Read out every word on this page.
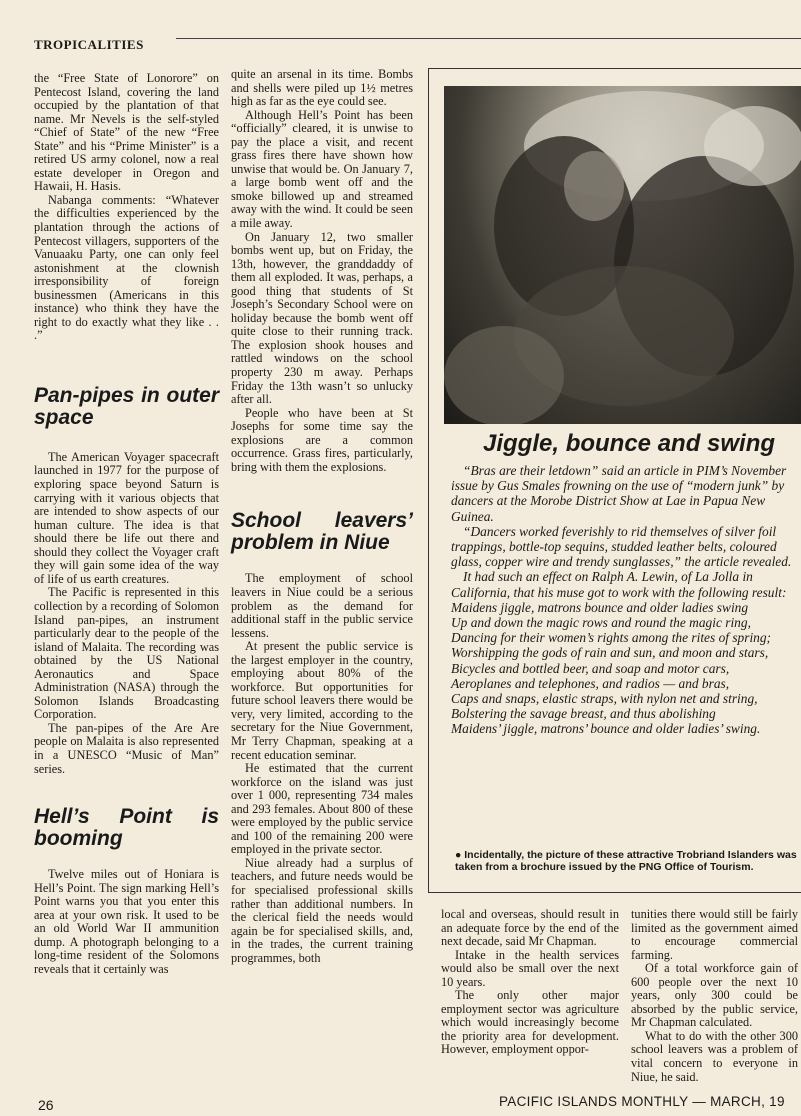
TROPICALITIES

the “Free State of Lonorore” on Pentecost Island, covering the land occupied by the plantation of that name. Mr Nevels is the self-styled “Chief of State” of the new “Free State” and his “Prime Minister” is a retired US army colonel, now a real estate developer in Oregon and Hawaii, H. Hasis.

Nabanga comments: “Whatever the difficulties experienced by the plantation through the actions of Pentecost villagers, supporters of the Vanuaaku Party, one can only feel astonishment at the clownish irresponsibility of foreign businessmen (Americans in this instance) who think they have the right to do exactly what they like . . .”

Pan-pipes in outer space

The American Voyager spacecraft launched in 1977 for the purpose of exploring space beyond Saturn is carrying with it various objects that are intended to show aspects of our human culture. The idea is that should there be life out there and should they collect the Voyager craft they will gain some idea of the way of life of us earth creatures.

The Pacific is represented in this collection by a recording of Solomon Island pan-pipes, an instrument particularly dear to the people of the island of Malaita. The recording was obtained by the US National Aeronautics and Space Administration (NASA) through the Solomon Islands Broadcasting Corporation.

The pan-pipes of the Are Are people on Malaita is also represented in a UNESCO “Music of Man” series.

Hell’s Point is booming

Twelve miles out of Honiara is Hell’s Point. The sign marking Hell’s Point warns you that you enter this area at your own risk. It used to be an old World War II ammunition dump. A photograph belonging to a long-time resident of the Solomons reveals that it certainly was

quite an arsenal in its time. Bombs and shells were piled up 1½ metres high as far as the eye could see.

Although Hell’s Point has been “officially” cleared, it is unwise to pay the place a visit, and recent grass fires there have shown how unwise that would be. On January 7, a large bomb went off and the smoke billowed up and streamed away with the wind. It could be seen a mile away.

On January 12, two smaller bombs went up, but on Friday, the 13th, however, the granddaddy of them all exploded. It was, perhaps, a good thing that students of St Joseph’s Secondary School were on holiday because the bomb went off quite close to their running track. The explosion shook houses and rattled windows on the school property 230 m away. Perhaps Friday the 13th wasn’t so unlucky after all.

People who have been at St Josephs for some time say the explosions are a common occurrence. Grass fires, particularly, bring with them the explosions.

School leavers’ problem in Niue

The employment of school leavers in Niue could be a serious problem as the demand for additional staff in the public service lessens.

At present the public service is the largest employer in the country, employing about 80% of the workforce. But opportunities for future school leavers there would be very, very limited, according to the secretary for the Niue Government, Mr Terry Chapman, speaking at a recent education seminar.

He estimated that the current workforce on the island was just over 1 000, representing 734 males and 293 females. About 800 of these were employed by the public service and 100 of the remaining 200 were employed in the private sector.

Niue already had a surplus of teachers, and future needs would be for specialised professional skills rather than additional numbers. In the clerical field the needs would again be for specialised skills, and, in the trades, the current training programmes, both

Jiggle, bounce and swing

“Bras are their letdown” said an article in PIM’s November issue by Gus Smales frowning on the use of “modern junk” by dancers at the Morobe District Show at Lae in Papua New Guinea.

“Dancers worked feverishly to rid themselves of silver foil trappings, bottle-top sequins, studded leather belts, coloured glass, copper wire and trendy sunglasses,” the article revealed.

It had such an effect on Ralph A. Lewin, of La Jolla in California, that his muse got to work with the following result:

Maidens jiggle, matrons bounce and older ladies swing

Up and down the magic rows and round the magic ring,

Dancing for their women’s rights among the rites of spring;

Worshipping the gods of rain and sun, and moon and stars,

Bicycles and bottled beer, and soap and motor cars,

Aeroplanes and telephones, and radios — and bras,

Caps and snaps, elastic straps, with nylon net and string,

Bolstering the savage breast, and thus abolishing

Maidens’ jiggle, matrons’ bounce and older ladies’ swing.

● Incidentally, the picture of these attractive Trobriand Islanders was taken from a brochure issued by the PNG Office of Tourism.

local and overseas, should result in an adequate force by the end of the next decade, said Mr Chapman.

Intake in the health services would also be small over the next 10 years.

The only other major employment sector was agriculture which would increasingly become the priority area for development. However, employment oppor-

tunities there would still be fairly limited as the government aimed to encourage commercial farming.

Of a total workforce gain of 600 people over the next 10 years, only 300 could be absorbed by the public service, Mr Chapman calculated.

What to do with the other 300 school leavers was a problem of vital concern to everyone in Niue, he said.

26	PACIFIC ISLANDS MONTHLY — MARCH, 19
